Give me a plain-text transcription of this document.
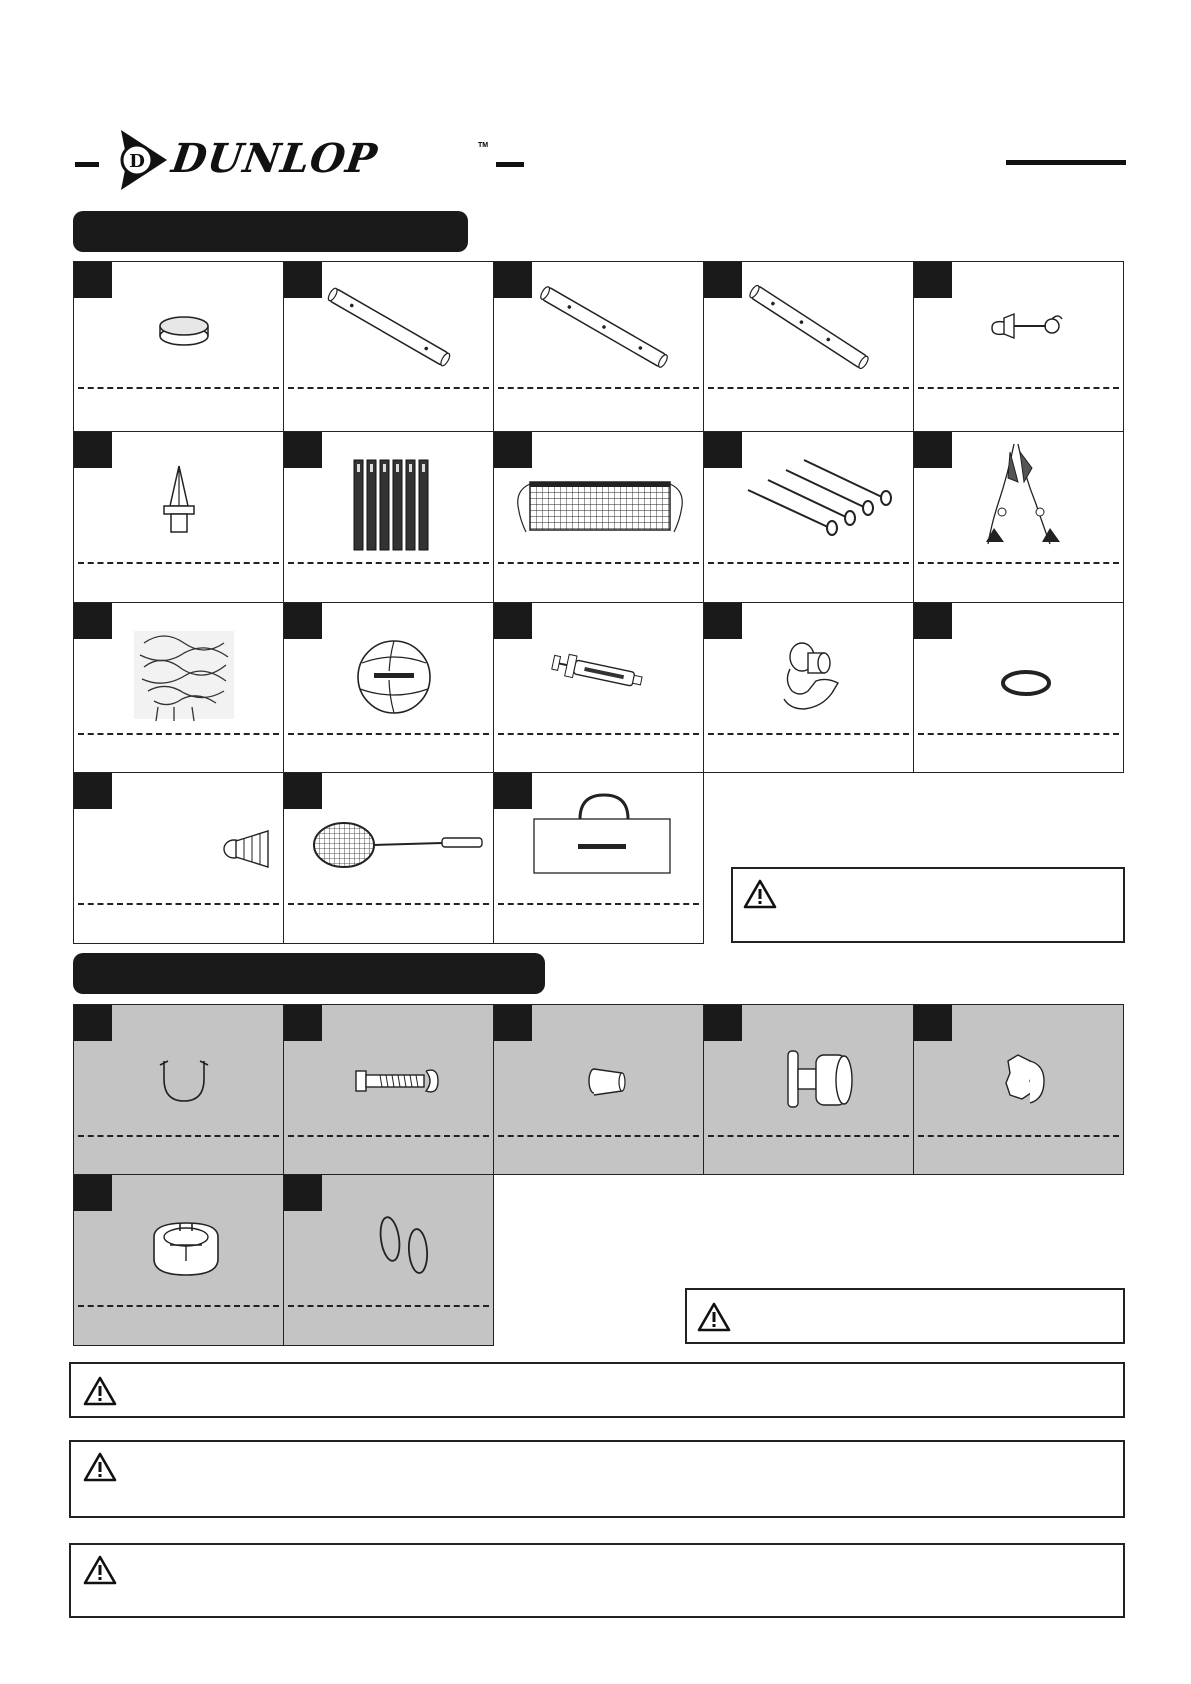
D DUNLOP	TM
